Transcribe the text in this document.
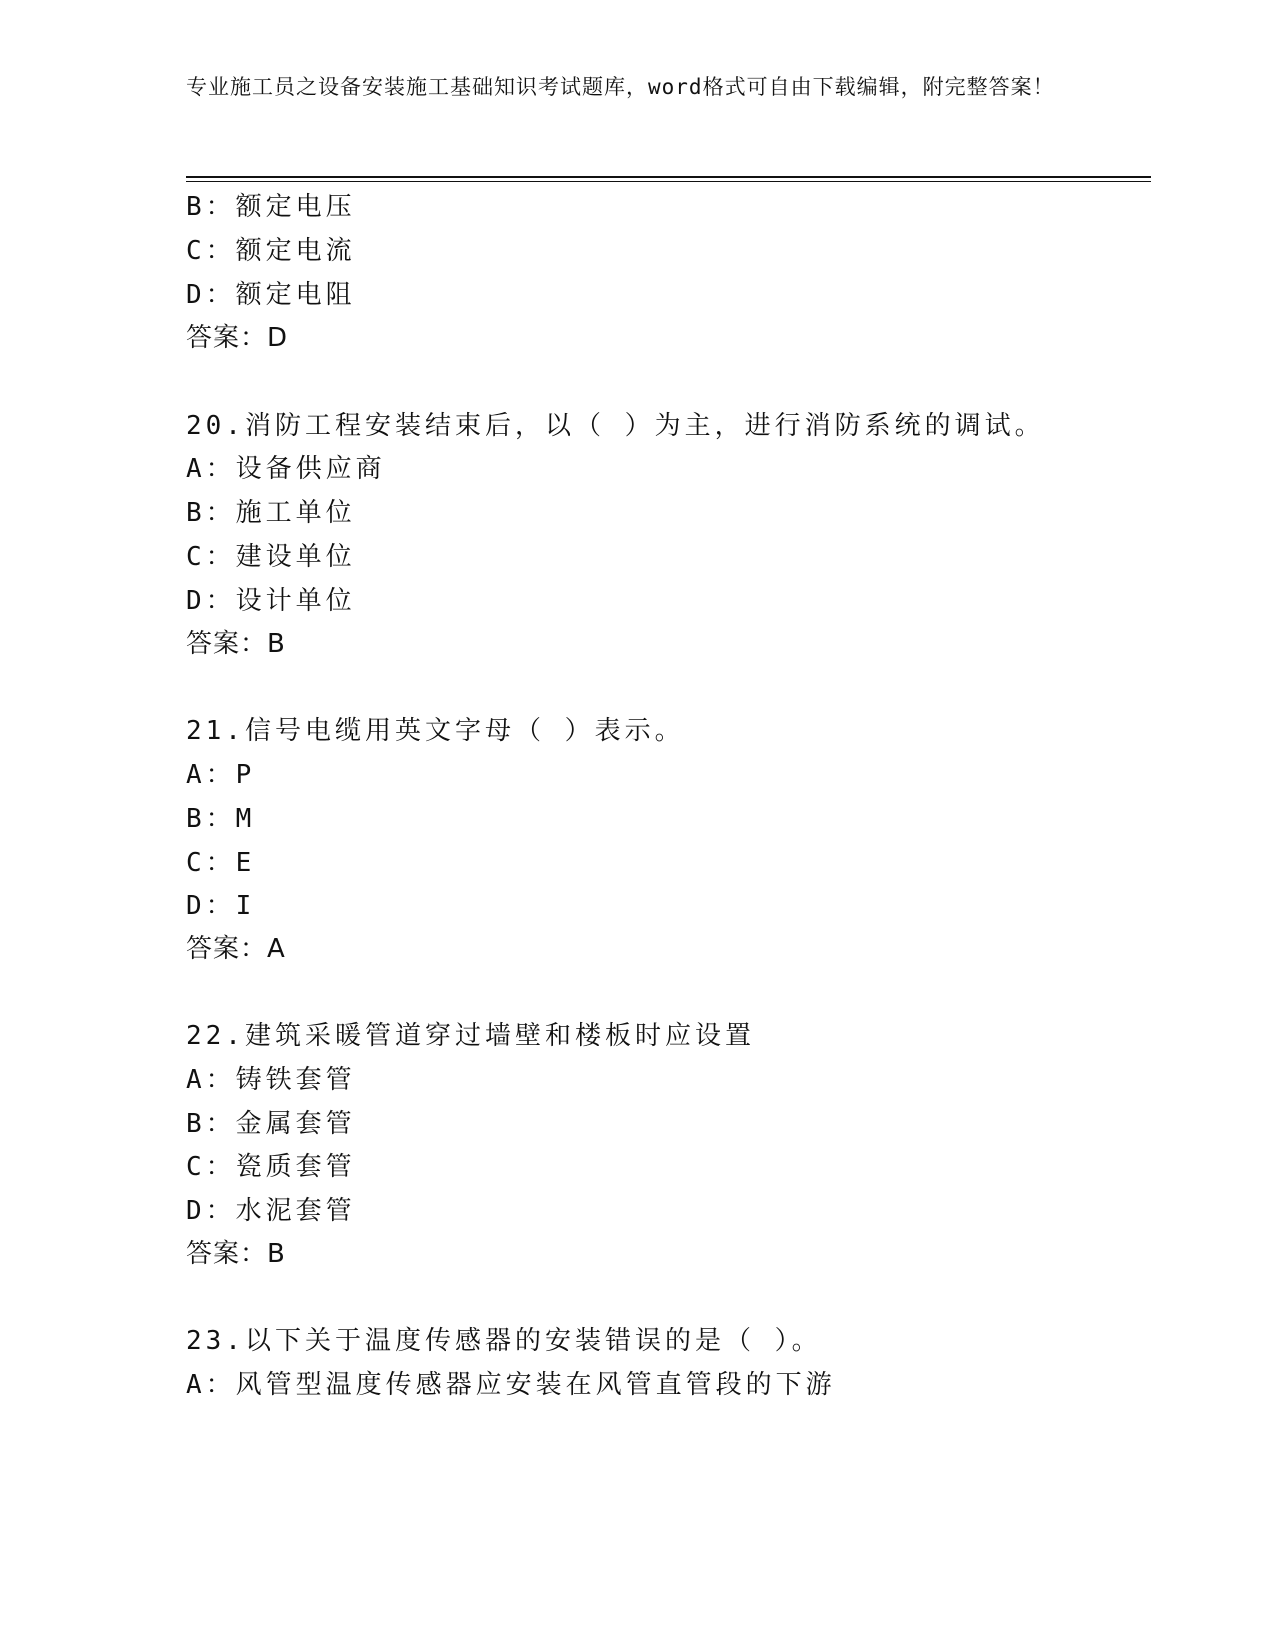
专业施工员之设备安装施工基础知识考试题库，word格式可自由下载编辑，附完整答案！
B：额定电压
C：额定电流
D：额定电阻
答案：D
20.消防工程安装结束后，以（ ）为主，进行消防系统的调试。
A：设备供应商
B：施工单位
C：建设单位
D：设计单位
答案：B
21.信号电缆用英文字母（ ）表示。
A：P
B：M
C：E
D：I
答案：A
22.建筑采暖管道穿过墙壁和楼板时应设置
A：铸铁套管
B：金属套管
C：瓷质套管
D：水泥套管
答案：B
23.以下关于温度传感器的安装错误的是（ ）。
A：风管型温度传感器应安装在风管直管段的下游
